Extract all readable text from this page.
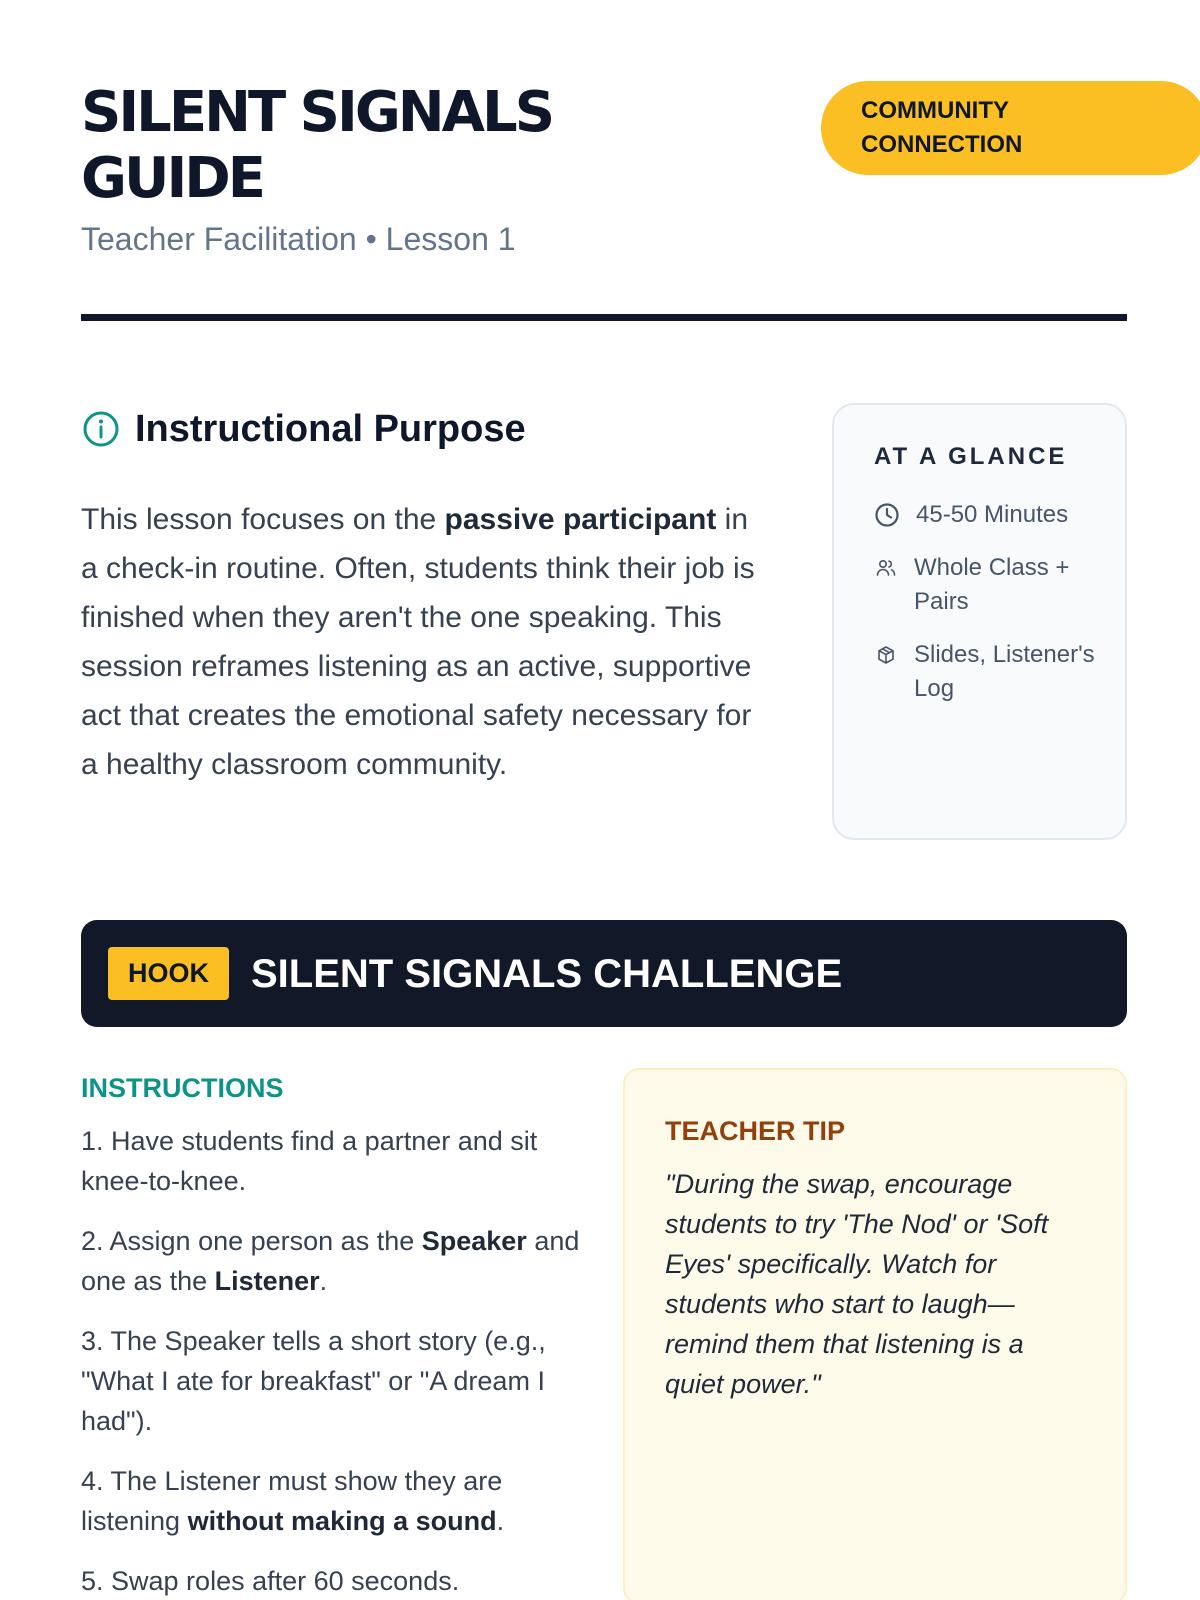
SILENT SIGNALS GUIDE
Teacher Facilitation • Lesson 1
COMMUNITY CONNECTION
Instructional Purpose

This lesson focuses on the passive participant in a check-in routine. Often, students think their job is finished when they aren't the one speaking. This session reframes listening as an active, supportive act that creates the emotional safety necessary for a healthy classroom community.

AT A GLANCE
45-50 Minutes
Whole Class + Pairs
Slides, Listener's Log
HOOK	SILENT SIGNALS CHALLENGE
INSTRUCTIONS
1. Have students find a partner and sit knee-to-knee.
2. Assign one person as the Speaker and one as the Listener.
3. The Speaker tells a short story (e.g., "What I ate for breakfast" or "A dream I had").
4. The Listener must show they are listening without making a sound.
5. Swap roles after 60 seconds.
TEACHER TIP

"During the swap, encourage students to try 'The Nod' or 'Soft Eyes' specifically. Watch for students who start to laugh—remind them that listening is a quiet power."
